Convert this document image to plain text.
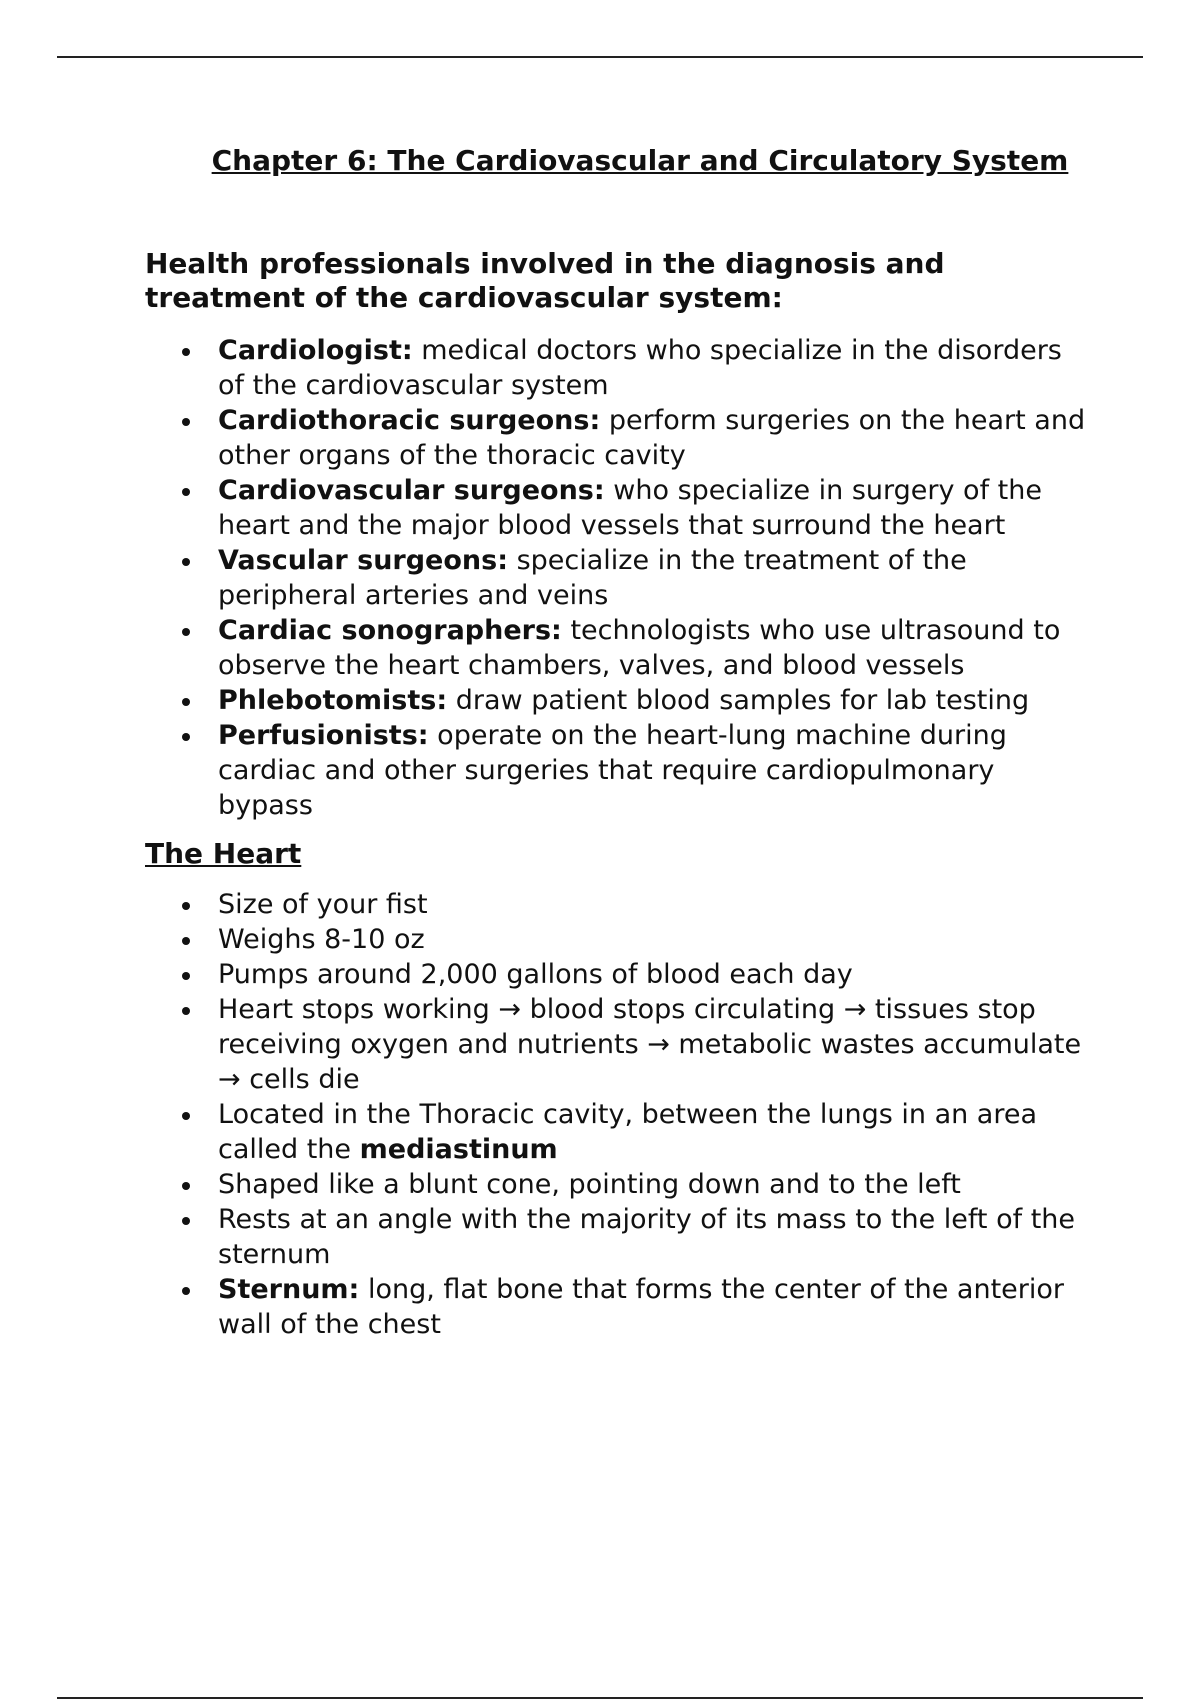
Chapter 6: The Cardiovascular and Circulatory System
Health professionals involved in the diagnosis and treatment of the cardiovascular system:
Cardiologist: medical doctors who specialize in the disorders of the cardiovascular system
Cardiothoracic surgeons: perform surgeries on the heart and other organs of the thoracic cavity
Cardiovascular surgeons: who specialize in surgery of the heart and the major blood vessels that surround the heart
Vascular surgeons: specialize in the treatment of the peripheral arteries and veins
Cardiac sonographers: technologists who use ultrasound to observe the heart chambers, valves, and blood vessels
Phlebotomists: draw patient blood samples for lab testing
Perfusionists: operate on the heart-lung machine during cardiac and other surgeries that require cardiopulmonary bypass
The Heart
Size of your fist
Weighs 8-10 oz
Pumps around 2,000 gallons of blood each day
Heart stops working → blood stops circulating → tissues stop receiving oxygen and nutrients → metabolic wastes accumulate → cells die
Located in the Thoracic cavity, between the lungs in an area called the mediastinum
Shaped like a blunt cone, pointing down and to the left
Rests at an angle with the majority of its mass to the left of the sternum
Sternum: long, flat bone that forms the center of the anterior wall of the chest
